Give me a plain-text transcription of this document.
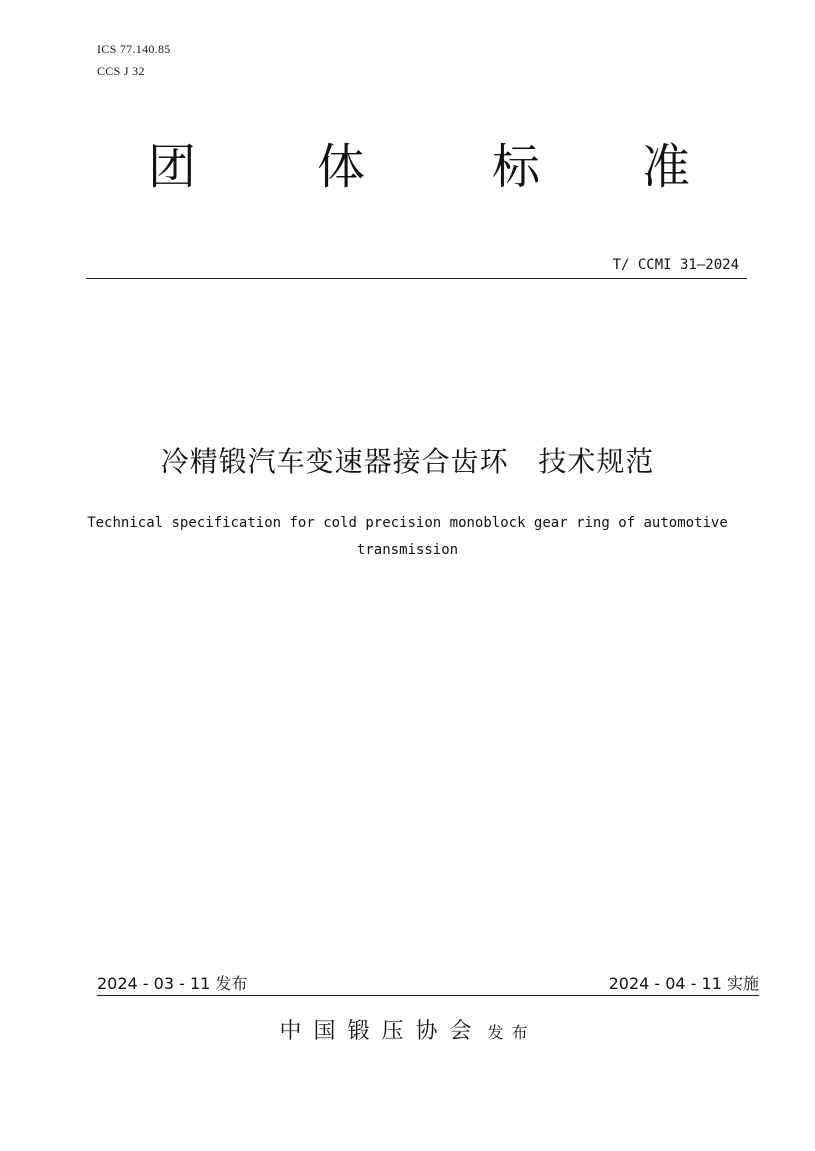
ICS 77.140.85
CCS J 32
团	体	标	准
T/ CCMI 31—2024
冷精锻汽车变速器接合齿环   技术规范
Technical specification for cold precision monoblock gear ring of automotive transmission
2024 - 03 - 11 发布	2024 - 04 - 11 实施
中国锻压协会 发布
